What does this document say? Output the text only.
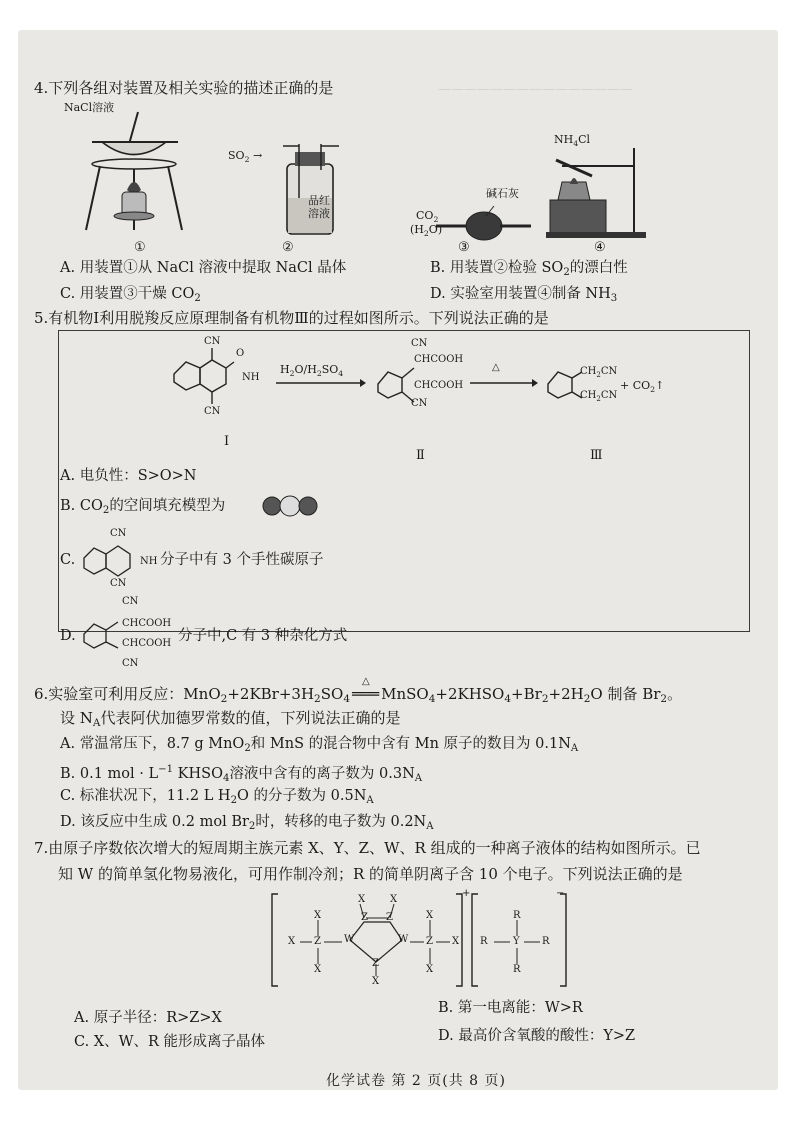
———————————————
4.下列各组对装置及相关实验的描述正确的是
NaCl溶液
①
$SO_2$ →
品红
溶液
②
$CO_2$
$(H_2O)$
碱石灰
③
$NH_4Cl$
④
A. 用装置①从 NaCl 溶液中提取 NaCl 晶体	B. 用装置②检验 $SO_2$的漂白性
C. 用装置③干燥 $CO_2$	D. 实验室用装置④制备 $NH_3$
5.有机物Ⅰ利用脱羧反应原理制备有机物Ⅲ的过程如图所示。下列说法正确的是
CN
CN
O
NH
Ⅰ
$H_2O/H_2SO_4$
CN
CHCOOH
CHCOOH
CN
Ⅱ
△	$CH_2CN$
$CH_2CN$
+ $CO_2↑$
Ⅲ
A. 电负性：S>O>N
B. $CO_2$的空间填充模型为
C.
CN
CN
NH 分子中有 3 个手性碳原子
D.
CN
CHCOOH
CHCOOH
CN
分子中,C 有 3 种杂化方式
6.实验室可利用反应：$MnO_2+2KBr+3H_2SO_4$ ═══
△
$MnSO_4+2KHSO_4+Br_2+2H_2O$ 制备 $Br_2$。
设 $N_A$代表阿伏加德罗常数的值，下列说法正确的是
A. 常温常压下，8.7 g MnO$_2$和 MnS 的混合物中含有 Mn 原子的数目为 $0.1N_A$
B. 0.1 mol · $L^{-1}$ $KHSO_4$溶液中含有的离子数为 $0.3N_A$
C. 标准状况下，11.2 L $H_2O$ 的分子数为 $0.5N_A$
D. 该反应中生成 0.2 mol $Br_2$时，转移的电子数为 $0.2N_A$
7.由原子序数依次增大的短周期主族元素 X、Y、Z、W、R 组成的一种离子液体的结构如图所示。已
知 W 的简单氢化物易液化，可用作制冷剂；R 的简单阴离子含 10 个电子。下列说法正确的是
X Z
X
X
W
X
Z Z
X
W
Z
X
Z
X
X
X
+
R	Y
R
R
R
−
A. 原子半径：R>Z>X
B. 第一电离能：W>R
C. X、W、R 能形成离子晶体	D. 最高价含氧酸的酸性：Y>Z
化学试卷 第 2 页(共 8 页)
